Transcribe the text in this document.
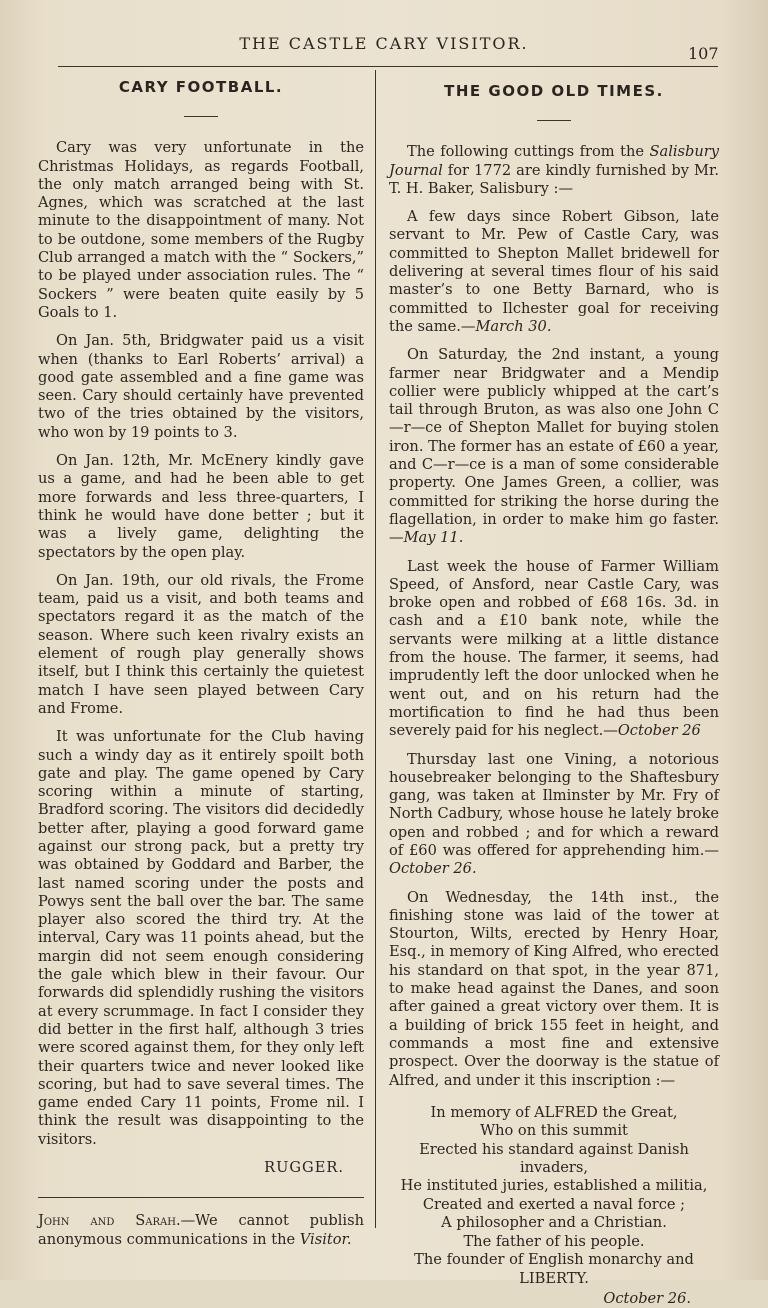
THE CASTLE CARY VISITOR.
107
CARY FOOTBALL.

Cary was very unfortunate in the Christmas Holidays, as regards Football, the only match arranged being with St. Agnes, which was scratched at the last minute to the disappointment of many. Not to be outdone, some members of the Rugby Club arranged a match with the “ Sockers,” to be played under association rules. The “ Sockers ” were beaten quite easily by 5 Goals to 1.

On Jan. 5th, Bridgwater paid us a visit when (thanks to Earl Roberts’ arrival) a good gate assembled and a fine game was seen. Cary should certainly have prevented two of the tries obtained by the visitors, who won by 19 points to 3.

On Jan. 12th, Mr. McEnery kindly gave us a game, and had he been able to get more forwards and less three-quarters, I think he would have done better ; but it was a lively game, delighting the spectators by the open play.

On Jan. 19th, our old rivals, the Frome team, paid us a visit, and both teams and spectators regard it as the match of the season. Where such keen rivalry exists an element of rough play generally shows itself, but I think this certainly the quietest match I have seen played between Cary and Frome.

It was unfortunate for the Club having such a windy day as it entirely spoilt both gate and play. The game opened by Cary scoring within a minute of starting, Bradford scoring. The visitors did decidedly better after, playing a good forward game against our strong pack, but a pretty try was obtained by Goddard and Barber, the last named scoring under the posts and Powys sent the ball over the bar. The same player also scored the third try. At the interval, Cary was 11 points ahead, but the margin did not seem enough considering the gale which blew in their favour. Our forwards did splendidly rushing the visitors at every scrummage. In fact I consider they did better in the first half, although 3 tries were scored against them, for they only left their quarters twice and never looked like scoring, but had to save several times. The game ended Cary 11 points, Frome nil. I think the result was disappointing to the visitors.

RUGGER.

John and Sarah.—We cannot publish anonymous communications in the Visitor.

THE GOOD OLD TIMES.

The following cuttings from the Salisbury Journal for 1772 are kindly furnished by Mr. T. H. Baker, Salisbury :—

A few days since Robert Gibson, late servant to Mr. Pew of Castle Cary, was committed to Shepton Mallet bridewell for delivering at several times flour of his said master’s to one Betty Barnard, who is committed to Ilchester goal for receiving the same.—March 30.

On Saturday, the 2nd instant, a young farmer near Bridgwater and a Mendip collier were publicly whipped at the cart’s tail through Bruton, as was also one John C—r—ce of Shepton Mallet for buying stolen iron. The former has an estate of £60 a year, and C—r—ce is a man of some considerable property. One James Green, a collier, was committed for striking the horse during the flagellation, in order to make him go faster.—May 11.

Last week the house of Farmer William Speed, of Ansford, near Castle Cary, was broke open and robbed of £68 16s. 3d. in cash and a £10 bank note, while the servants were milking at a little distance from the house. The farmer, it seems, had imprudently left the door unlocked when he went out, and on his return had the mortification to find he had thus been severely paid for his neglect.—October 26

Thursday last one Vining, a notorious housebreaker belonging to the Shaftesbury gang, was taken at Ilminster by Mr. Fry of North Cadbury, whose house he lately broke open and robbed ; and for which a reward of £60 was offered for apprehending him.—October 26.

On Wednesday, the 14th inst., the finishing stone was laid of the tower at Stourton, Wilts, erected by Henry Hoar, Esq., in memory of King Alfred, who erected his standard on that spot, in the year 871, to make head against the Danes, and soon after gained a great victory over them. It is a building of brick 155 feet in height, and commands a most fine and extensive prospect. Over the doorway is the statue of Alfred, and under it this inscription :—

In memory of ALFRED the Great,
Who on this summit
Erected his standard against Danish invaders,
He instituted juries, established a militia,
Created and exerted a naval force ;
A philosopher and a Christian.
The father of his people.
The founder of English monarchy and LIBERTY.
October 26.
